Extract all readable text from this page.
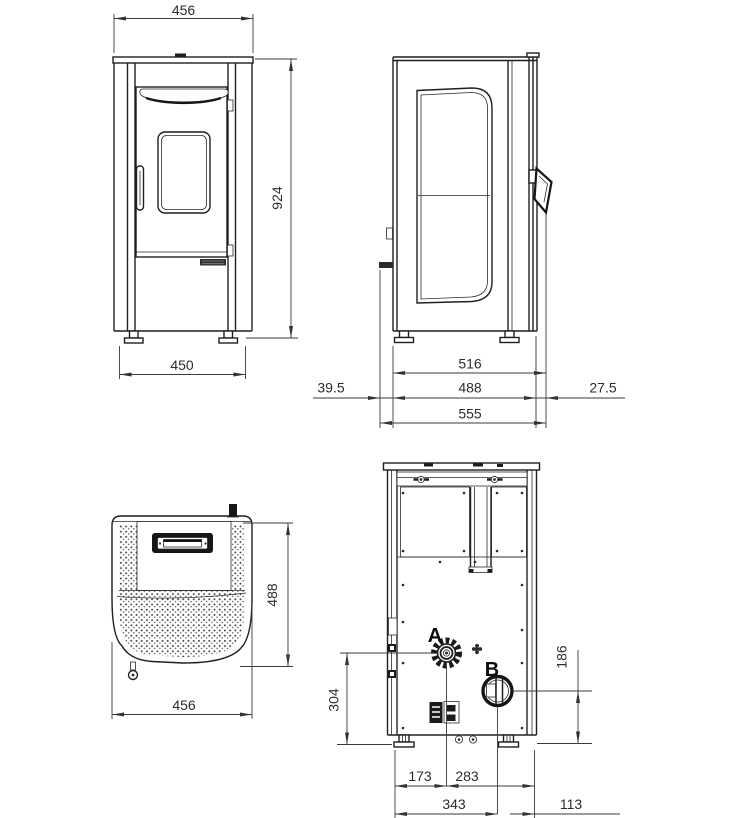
456
924
450	516
39.5	488	27.5
555
488
456
A
B
304
186
173 283
343	113
